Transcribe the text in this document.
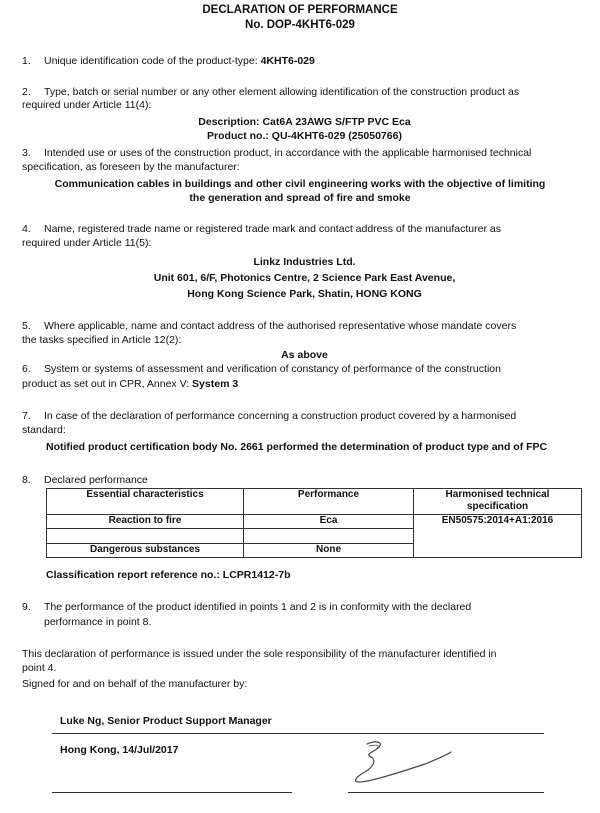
DECLARATION OF PERFORMANCE
No. DOP-4KHT6-029
1. Unique identification code of the product-type: 4KHT6-029
2. Type, batch or serial number or any other element allowing identification of the construction product as
required under Article 11(4):
Description: Cat6A 23AWG S/FTP PVC Eca
Product no.: QU-4KHT6-029 (25050766)
3. Intended use or uses of the construction product, in accordance with the applicable harmonised technical
specification, as foreseen by the manufacturer:
Communication cables in buildings and other civil engineering works with the objective of limiting
the generation and spread of fire and smoke
4. Name, registered trade name or registered trade mark and contact address of the manufacturer as
required under Article 11(5):
Linkz Industries Ltd.
Unit 601, 6/F, Photonics Centre, 2 Science Park East Avenue,
Hong Kong Science Park, Shatin, HONG KONG
5. Where applicable, name and contact address of the authorised representative whose mandate covers
the tasks specified in Article 12(2):
As above
6. System or systems of assessment and verification of constancy of performance of the construction
product as set out in CPR, Annex V: System 3
7. In case of the declaration of performance concerning a construction product covered by a harmonised
standard:
Notified product certification body No. 2661 performed the determination of product type and of FPC
8. Declared performance
Essential characteristics	Performance	Harmonised technical specification
Reaction to fire	Eca	EN50575:2014+A1:2016

Dangerous substances	None	
Classification report reference no.: LCPR1412-7b
9. The performance of the product identified in points 1 and 2 is in conformity with the declared
performance in point 8.
This declaration of performance is issued under the sole responsibility of the manufacturer identified in
point 4.
Signed for and on behalf of the manufacturer by:
Luke Ng, Senior Product Support Manager
Hong Kong, 14/Jul/2017
